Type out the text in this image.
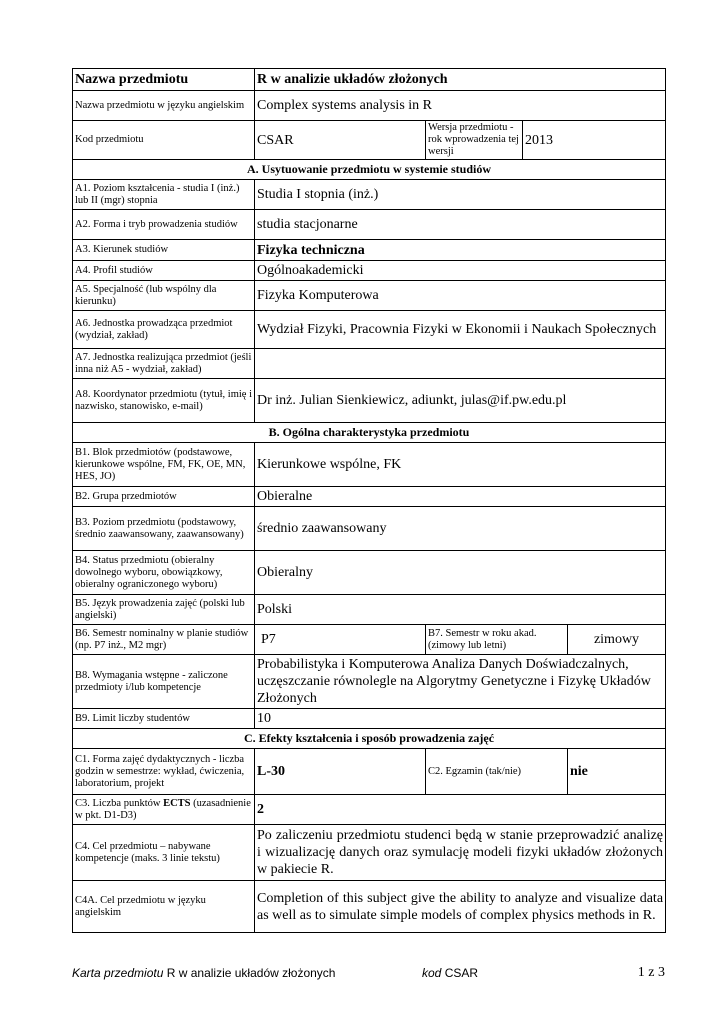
Nazwa przedmiotu	R w analizie układów złożonych			
Nazwa przedmiotu w języku angielskim	Complex systems analysis in R			
Kod przedmiotu	CSAR	Wersja przedmiotu - rok wprowadzenia tej wersji	2013	
A. Usytuowanie przedmiotu w systemie studiów				
A1. Poziom kształcenia - studia I (inż.) lub II (mgr) stopnia	Studia I stopnia (inż.)			
A2. Forma i tryb prowadzenia studiów	studia stacjonarne			
A3. Kierunek studiów	Fizyka techniczna			
A4. Profil studiów	Ogólnoakademicki			
A5. Specjalność (lub wspólny dla kierunku)	Fizyka Komputerowa			
A6. Jednostka prowadząca przedmiot (wydział, zakład)	Wydział Fizyki, Pracownia Fizyki w Ekonomii i Naukach Społecznych			
A7. Jednostka realizująca przedmiot (jeśli inna niż A5 - wydział, zakład)				
A8. Koordynator przedmiotu (tytuł, imię i nazwisko, stanowisko, e-mail)	Dr inż. Julian Sienkiewicz, adiunkt, julas@if.pw.edu.pl			
B. Ogólna charakterystyka przedmiotu				
B1. Blok przedmiotów (podstawowe, kierunkowe wspólne, FM, FK, OE, MN, HES, JO)	Kierunkowe wspólne, FK			
B2. Grupa przedmiotów	Obieralne			
B3. Poziom przedmiotu (podstawowy, średnio zaawansowany, zaawansowany)	średnio zaawansowany			
B4. Status przedmiotu (obieralny dowolnego wyboru, obowiązkowy, obieralny ograniczonego wyboru)	Obieralny			
B5. Język prowadzenia zajęć (polski lub angielski)	Polski			
B6. Semestr nominalny w planie studiów (np. P7 inż., M2 mgr)	P7	B7. Semestr w roku akad. (zimowy lub letni)		zimowy
B8. Wymagania wstępne - zaliczone przedmioty i/lub kompetencje	Probabilistyka i Komputerowa Analiza Danych Doświadczalnych, uczęszczanie równolegle na Algorytmy Genetyczne i Fizykę Układów Złożonych			
B9. Limit liczby studentów	10			
C. Efekty kształcenia i sposób prowadzenia zajęć				
C1. Forma zajęć dydaktycznych - liczba godzin w semestrze: wykład, ćwiczenia, laboratorium, projekt	L-30	C2. Egzamin (tak/nie)		nie
C3. Liczba punktów ECTS (uzasadnienie w pkt. D1-D3)	2			
C4. Cel przedmiotu – nabywane kompetencje (maks. 3 linie tekstu)	Po zaliczeniu przedmiotu studenci będą w stanie przeprowadzić analizę i wizualizację danych oraz symulację modeli fizyki układów złożonych w pakiecie R.			
C4A. Cel przedmiotu w języku angielskim	Completion of this subject give the ability to analyze and visualize data as well as to simulate simple models of complex physics methods in R.			
Karta przedmiotu R w analizie układów złożonych	kod CSAR	1 z 3
